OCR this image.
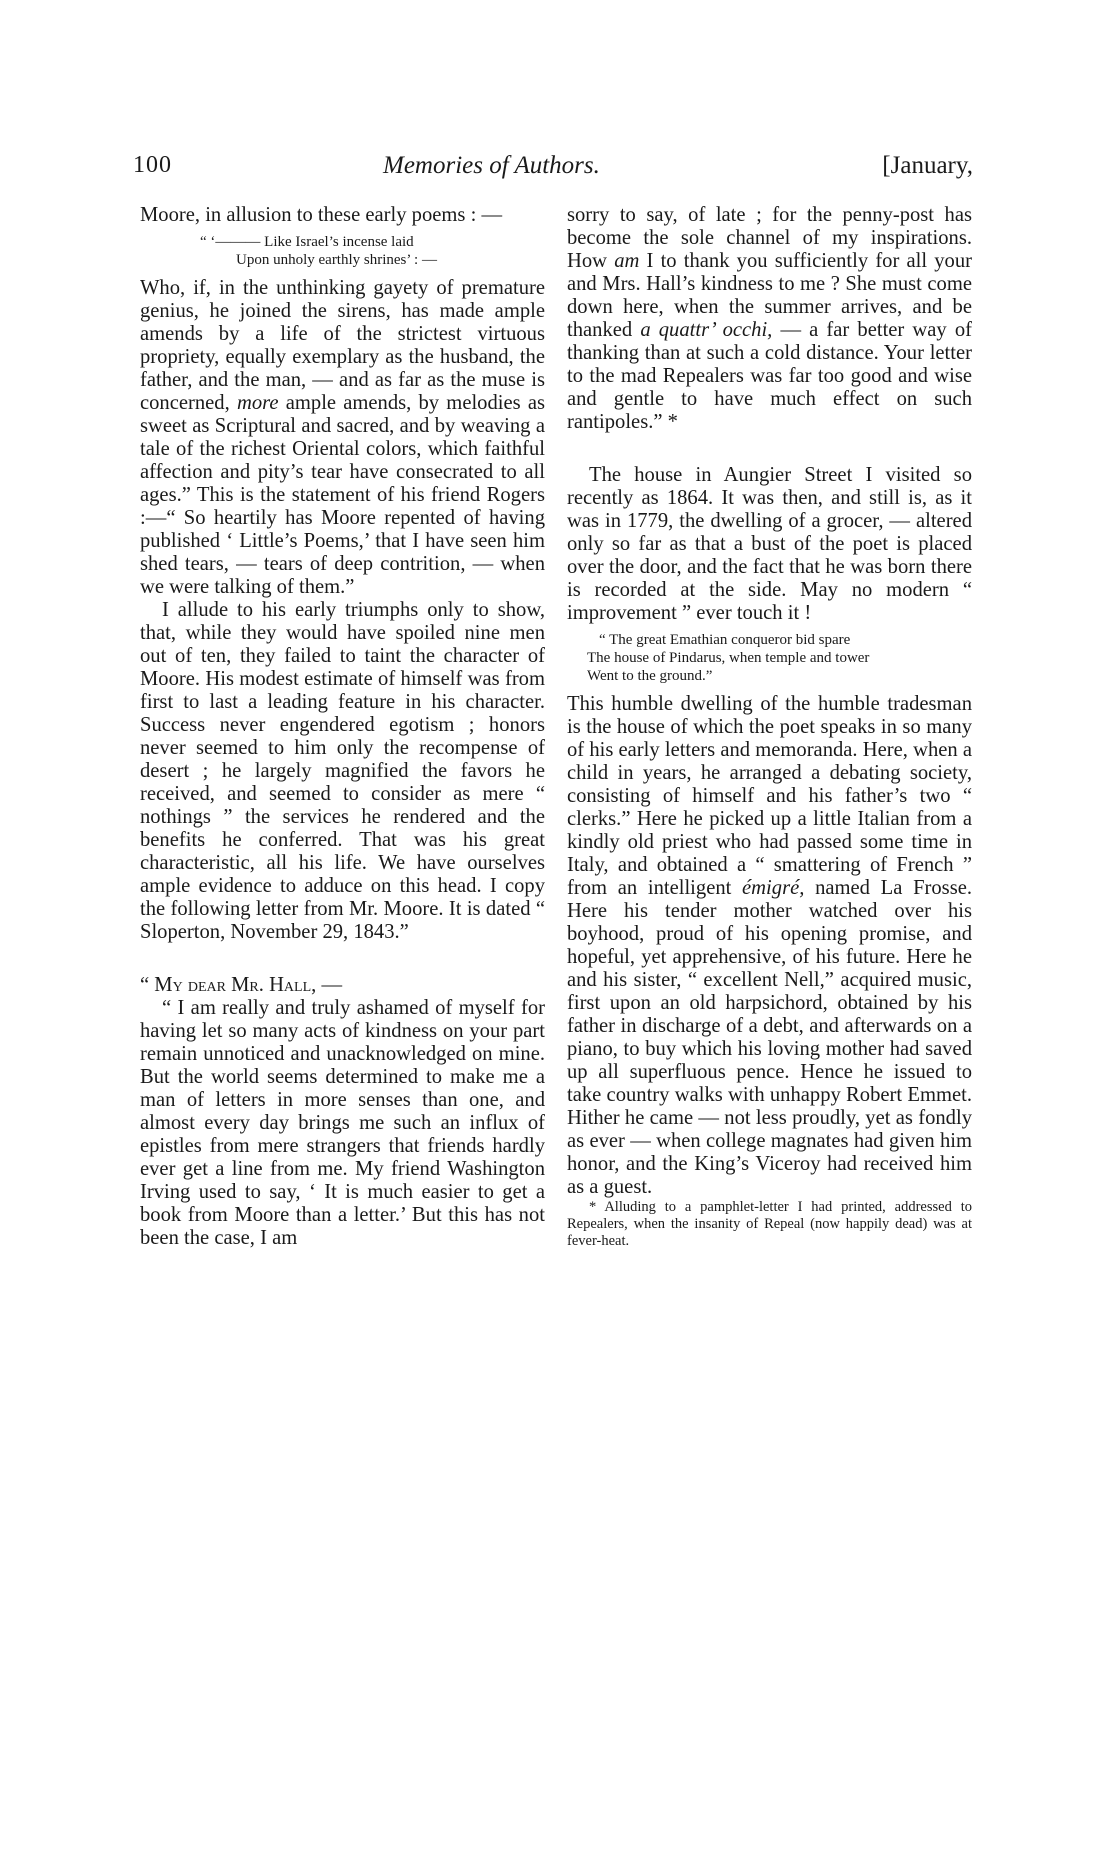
100	Memories of Authors.	[January,

Moore, in allusion to these early poems : —

“ ‘——— Like Israel’s incense laid
Upon unholy earthly shrines’ : —

Who, if, in the unthinking gayety of premature genius, he joined the sirens, has made ample amends by a life of the strictest virtuous propriety, equally exemplary as the husband, the father, and the man, — and as far as the muse is concerned, more ample amends, by melodies as sweet as Scriptural and sacred, and by weaving a tale of the richest Oriental colors, which faithful affection and pity’s tear have consecrated to all ages.” This is the statement of his friend Rogers :—“ So heartily has Moore repented of having published ‘ Little’s Poems,’ that I have seen him shed tears, — tears of deep contrition, — when we were talking of them.”

I allude to his early triumphs only to show, that, while they would have spoiled nine men out of ten, they failed to taint the character of Moore. His modest estimate of himself was from first to last a leading feature in his character. Success never engendered egotism ; honors never seemed to him only the recompense of desert ; he largely magnified the favors he received, and seemed to consider as mere “ nothings ” the services he rendered and the benefits he conferred. That was his great characteristic, all his life. We have ourselves ample evidence to adduce on this head. I copy the following letter from Mr. Moore. It is dated “ Sloperton, November 29, 1843.”

“ My dear Mr. Hall, —

“ I am really and truly ashamed of myself for having let so many acts of kindness on your part remain unnoticed and unacknowledged on mine. But the world seems determined to make me a man of letters in more senses than one, and almost every day brings me such an influx of epistles from mere strangers that friends hardly ever get a line from me. My friend Washington Irving used to say, ‘ It is much easier to get a book from Moore than a letter.’ But this has not been the case, I am

sorry to say, of late ; for the penny-post has become the sole channel of my inspirations. How am I to thank you sufficiently for all your and Mrs. Hall’s kindness to me ? She must come down here, when the summer arrives, and be thanked a quattr’ occhi, — a far better way of thanking than at such a cold distance. Your letter to the mad Repealers was far too good and wise and gentle to have much effect on such rantipoles.” *

The house in Aungier Street I visited so recently as 1864. It was then, and still is, as it was in 1779, the dwelling of a grocer, — altered only so far as that a bust of the poet is placed over the door, and the fact that he was born there is recorded at the side. May no modern “ improvement ” ever touch it !

“ The great Emathian conqueror bid spare
The house of Pindarus, when temple and tower
Went to the ground.”

This humble dwelling of the humble tradesman is the house of which the poet speaks in so many of his early letters and memoranda. Here, when a child in years, he arranged a debating society, consisting of himself and his father’s two “ clerks.” Here he picked up a little Italian from a kindly old priest who had passed some time in Italy, and obtained a “ smattering of French ” from an intelligent émigré, named La Frosse. Here his tender mother watched over his boyhood, proud of his opening promise, and hopeful, yet apprehensive, of his future. Here he and his sister, “ excellent Nell,” acquired music, first upon an old harpsichord, obtained by his father in discharge of a debt, and afterwards on a piano, to buy which his loving mother had saved up all superfluous pence. Hence he issued to take country walks with unhappy Robert Emmet. Hither he came — not less proudly, yet as fondly as ever — when college magnates had given him honor, and the King’s Viceroy had received him as a guest.

* Alluding to a pamphlet-letter I had printed, addressed to Repealers, when the insanity of Repeal (now happily dead) was at fever-heat.
